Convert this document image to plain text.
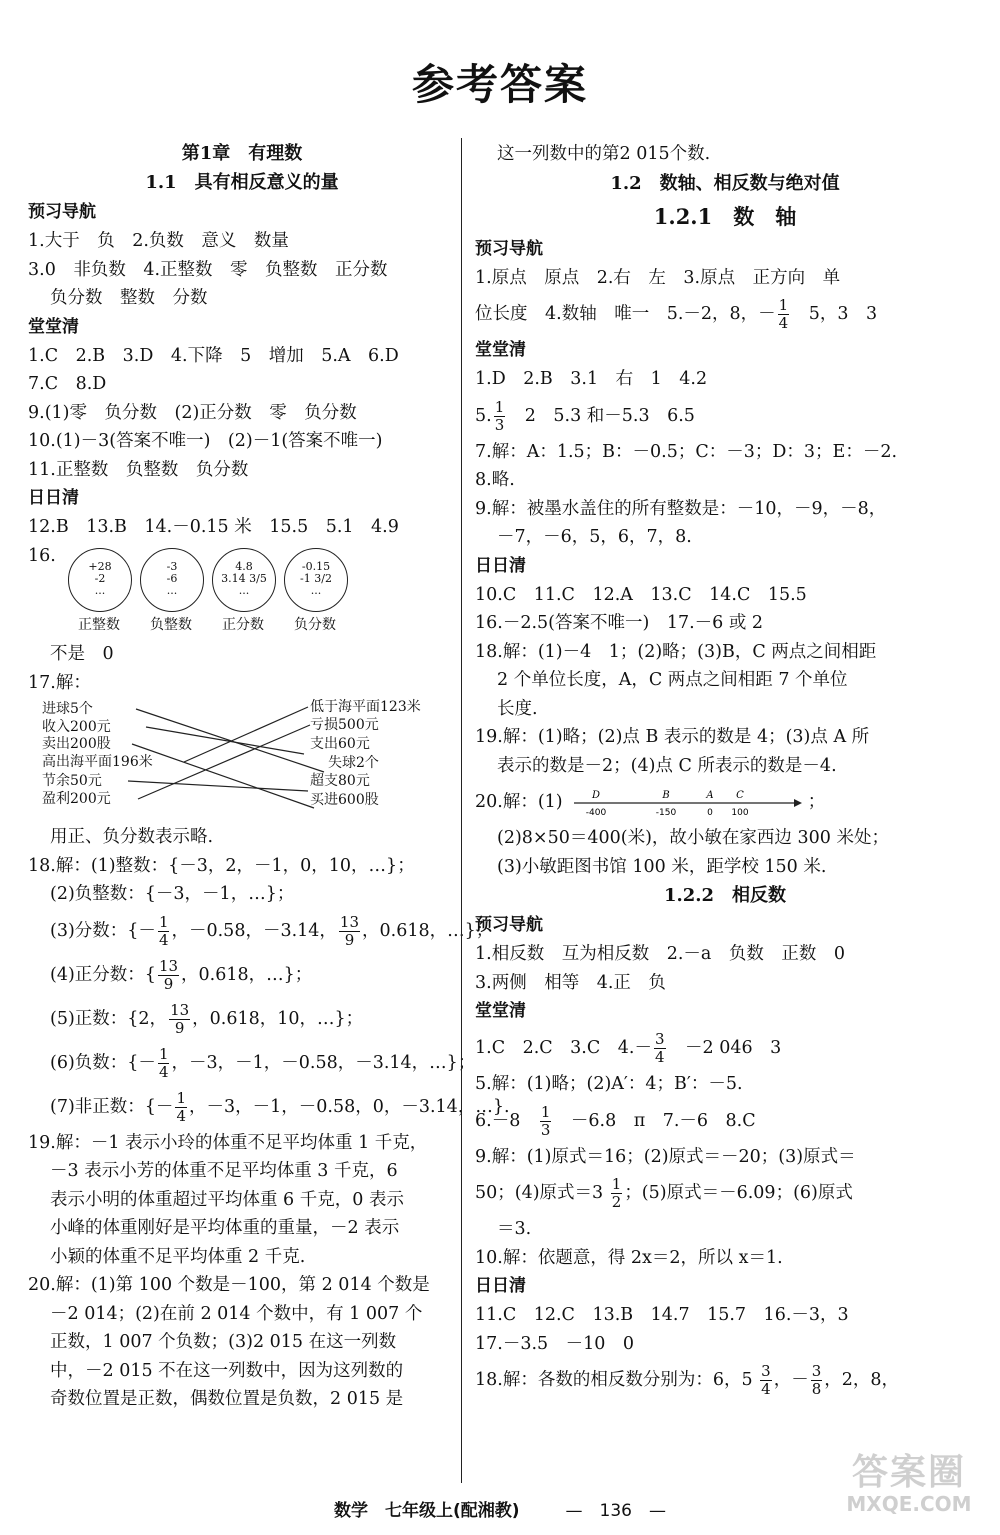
参考答案
第1章　有理数
1.1　具有相反意义的量
预习导航
1.大于　负　2.负数　意义　数量
3.0　非负数　4.正整数　零　负整数　正分数
负分数　整数　分数
堂堂清
1.C　2.B　3.D　4.下降　5　增加　5.A　6.D
7.C　8.D
9.(1)零　负分数　(2)正分数　零　负分数
10.(1)－3(答案不唯一)　(2)－1(答案不唯一)
11.正整数　负整数　负分数
日日清
12.B　13.B　14.－0.15 米　15.5　5.1　4.9
16.
+28
-2
...
正整数
-3
-6
...
负整数
4.8
3.14 3/5
...
正分数
-0.15
-1 3/2
...
负分数
不是　0
17.解：
进球5个
收入200元
卖出200股
高出海平面196米
节余50元
盈利200元
低于海平面123米
亏损500元
支出60元
失球2个
超支80元
买进600股
用正、负分数表示略.
18.解：(1)整数：{－3，2，－1，0，10，…}；
(2)负整数：{－3，－1，…}；
(3)分数：{－ $\frac{1}{4}$ ，－0.58，－3.14， $\frac{13}{9}$ ，0.618，…}；
(4)正分数：{ $\frac{13}{9}$ ，0.618，…}；
(5)正数：{2， $\frac{13}{9}$ ，0.618，10，…}；
(6)负数：{－ $\frac{1}{4}$ ，－3，－1，－0.58，－3.14，…}；
(7)非正数：{－ $\frac{1}{4}$ ，－3，－1，－0.58，0，－3.14，…}.
19.解：－1 表示小玲的体重不足平均体重 1 千克，
－3 表示小芳的体重不足平均体重 3 千克，6
表示小明的体重超过平均体重 6 千克，0 表示
小峰的体重刚好是平均体重的重量，－2 表示
小颖的体重不足平均体重 2 千克.
20.解：(1)第 100 个数是－100，第 2 014 个数是
－2 014；(2)在前 2 014 个数中，有 1 007 个
正数，1 007 个负数；(3)2 015 在这一列数
中，－2 015 不在这一列数中，因为这列数的
奇数位置是正数，偶数位置是负数，2 015 是
这一列数中的第2 015个数.
1.2　数轴、相反数与绝对值
1.2.1　数　轴
预习导航
1.原点　原点　2.右　左　3.原点　正方向　单
位长度　4.数轴　唯一　5.－2，8，－ $\frac{1}{4}$ 　5，3　3
堂堂清
1.D　2.B　3.1　右　1　4.2
5. $\frac{1}{3}$ 　2　5.3 和－5.3　6.5
7.解：A：1.5；B：－0.5；C：－3；D：3；E：－2.
8.略.
9.解：被墨水盖住的所有整数是：－10，－9，－8，
－7，－6，5，6，7，8.
日日清
10.C　11.C　12.A　13.C　14.C　15.5
16.－2.5(答案不唯一)　17.－6 或 2
18.解：(1)－4　1；(2)略；(3)B，C 两点之间相距
2 个单位长度，A，C 两点之间相距 7 个单位
长度.
19.解：(1)略；(2)点 B 表示的数是 4；(3)点 A 所
表示的数是－2；(4)点 C 所表示的数是－4.
20.解：(1)	D	B	A C
-400	-150	0 100
；
(2)8×50＝400(米)，故小敏在家西边 300 米处；
(3)小敏距图书馆 100 米，距学校 150 米.
1.2.2　相反数
预习导航
1.相反数　互为相反数　2.－a　负数　正数　0
3.两侧　相等　4.正　负
堂堂清
1.C　2.C　3.C　$4.- \frac{3}{4}$ 　－2 046　3
5.解：(1)略；(2)A′：4；B′：－5.
6.－8　 $\frac{1}{3}$ 　－6.8　π　7.－6　8.C
9.解：(1)原式＝16；(2)原式＝－20；(3)原式＝
50；(4)原式$=3 \frac{1}{2}$ ；(5)原式＝－6.09；(6)原式
＝3.
10.解：依题意，得 2x＝2，所以 x＝1.
日日清
11.C　12.C　13.B　14.7　15.7　16.－3，3
17.－3.5　－10　0
18.解：各数的相反数分别为：6，$5 \frac{3}{4}$ ，－ $\frac{3}{8}$ ，2，8，
数学　七年级上(配湘教)	—　136　—
答案圈
MXQE.COM
